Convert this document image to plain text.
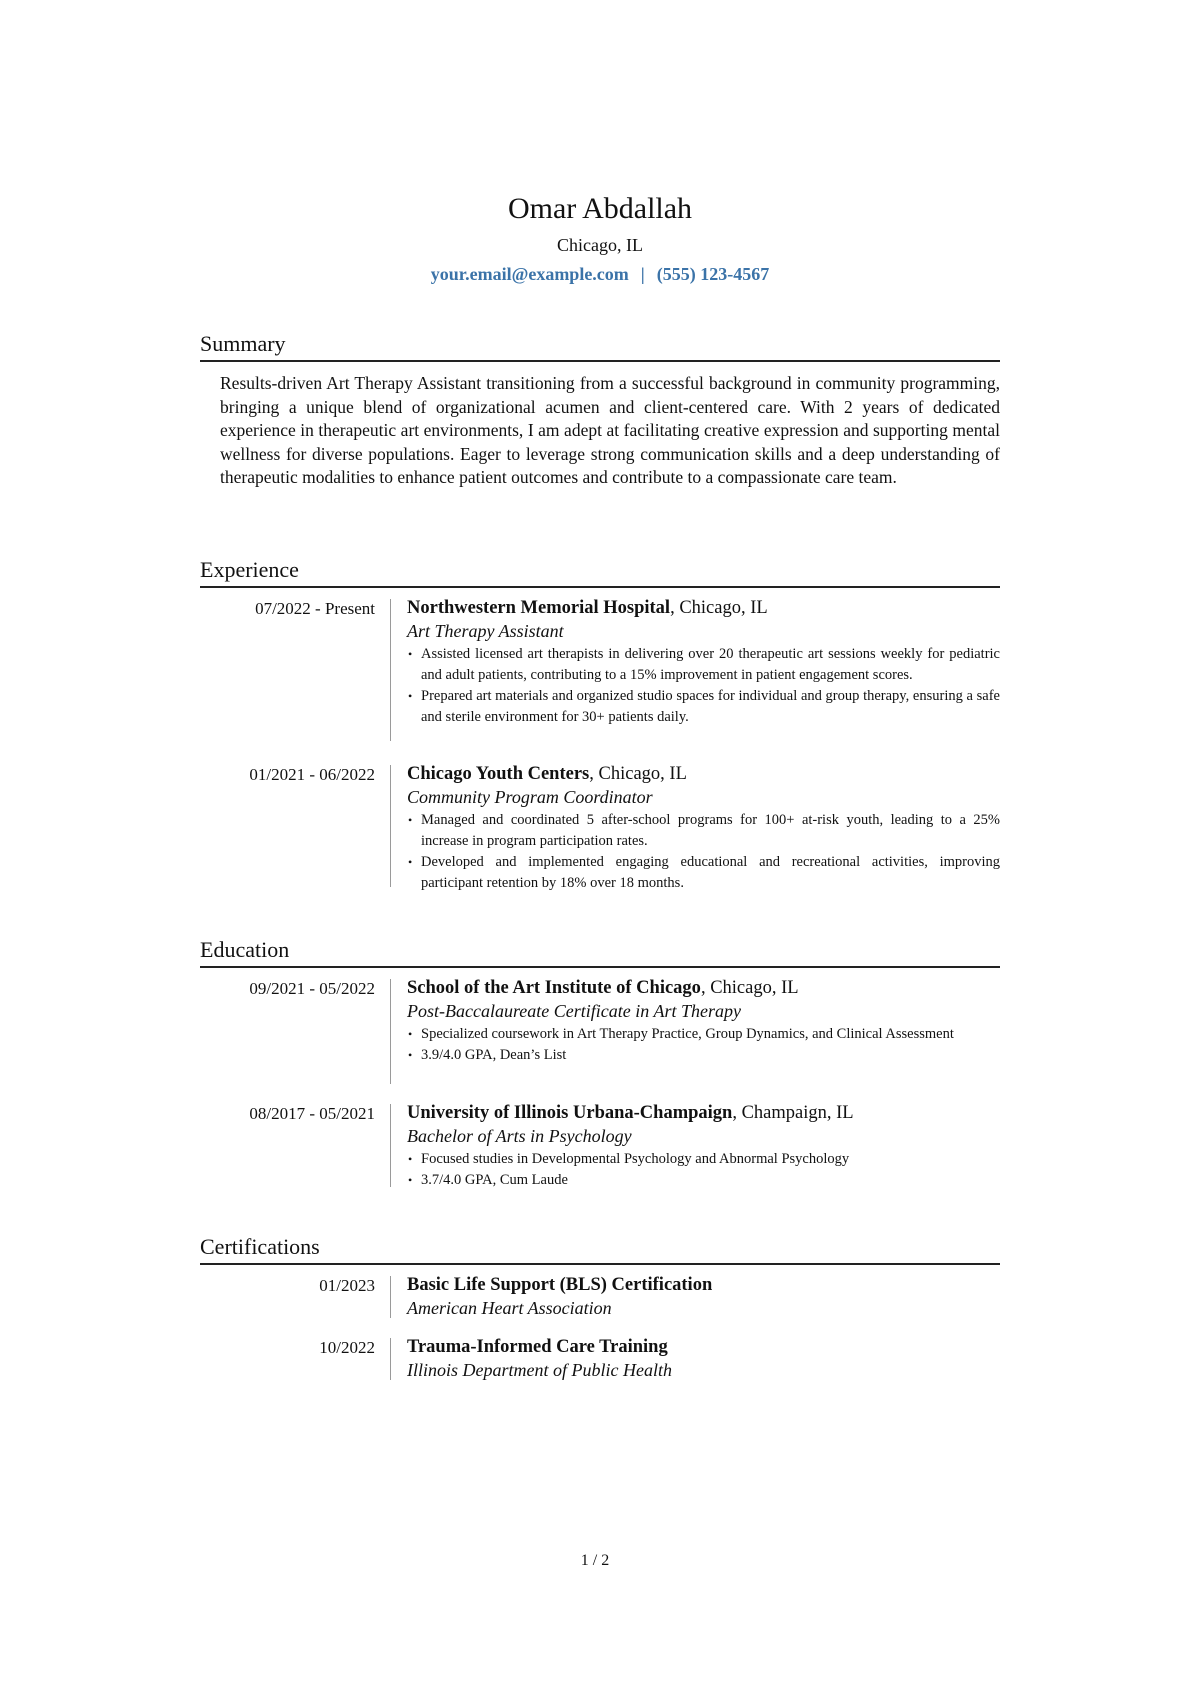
Omar Abdallah
Chicago, IL
your.email@example.com | (555) 123-4567
Summary

Results-driven Art Therapy Assistant transitioning from a successful background in community programming, bringing a unique blend of organizational acumen and client-centered care. With 2 years of dedicated experience in therapeutic art environments, I am adept at facilitating creative expression and supporting mental wellness for diverse populations. Eager to leverage strong communication skills and a deep understanding of therapeutic modalities to enhance patient outcomes and contribute to a compassionate care team.

Experience
07/2022 - Present Northwestern Memorial Hospital, Chicago, IL
Art Therapy Assistant
• Assisted licensed art therapists in delivering over 20 therapeutic art sessions weekly for pediatric and adult patients, contributing to a 15% improvement in patient engagement scores.
• Prepared art materials and organized studio spaces for individual and group therapy, ensuring a safe and sterile environment for 30+ patients daily.
01/2021 - 06/2022 Chicago Youth Centers, Chicago, IL
Community Program Coordinator
• Managed and coordinated 5 after-school programs for 100+ at-risk youth, leading to a 25% increase in program participation rates.
• Developed and implemented engaging educational and recreational activities, improving participant retention by 18% over 18 months.
Education
09/2021 - 05/2022 School of the Art Institute of Chicago, Chicago, IL
Post-Baccalaureate Certificate in Art Therapy
• Specialized coursework in Art Therapy Practice, Group Dynamics, and Clinical Assessment
• 3.9/4.0 GPA, Dean’s List
08/2017 - 05/2021 University of Illinois Urbana-Champaign, Champaign, IL
Bachelor of Arts in Psychology
• Focused studies in Developmental Psychology and Abnormal Psychology
• 3.7/4.0 GPA, Cum Laude
Certifications
01/2023 Basic Life Support (BLS) Certification
American Heart Association
10/2022 Trauma-Informed Care Training
Illinois Department of Public Health
1 / 2
